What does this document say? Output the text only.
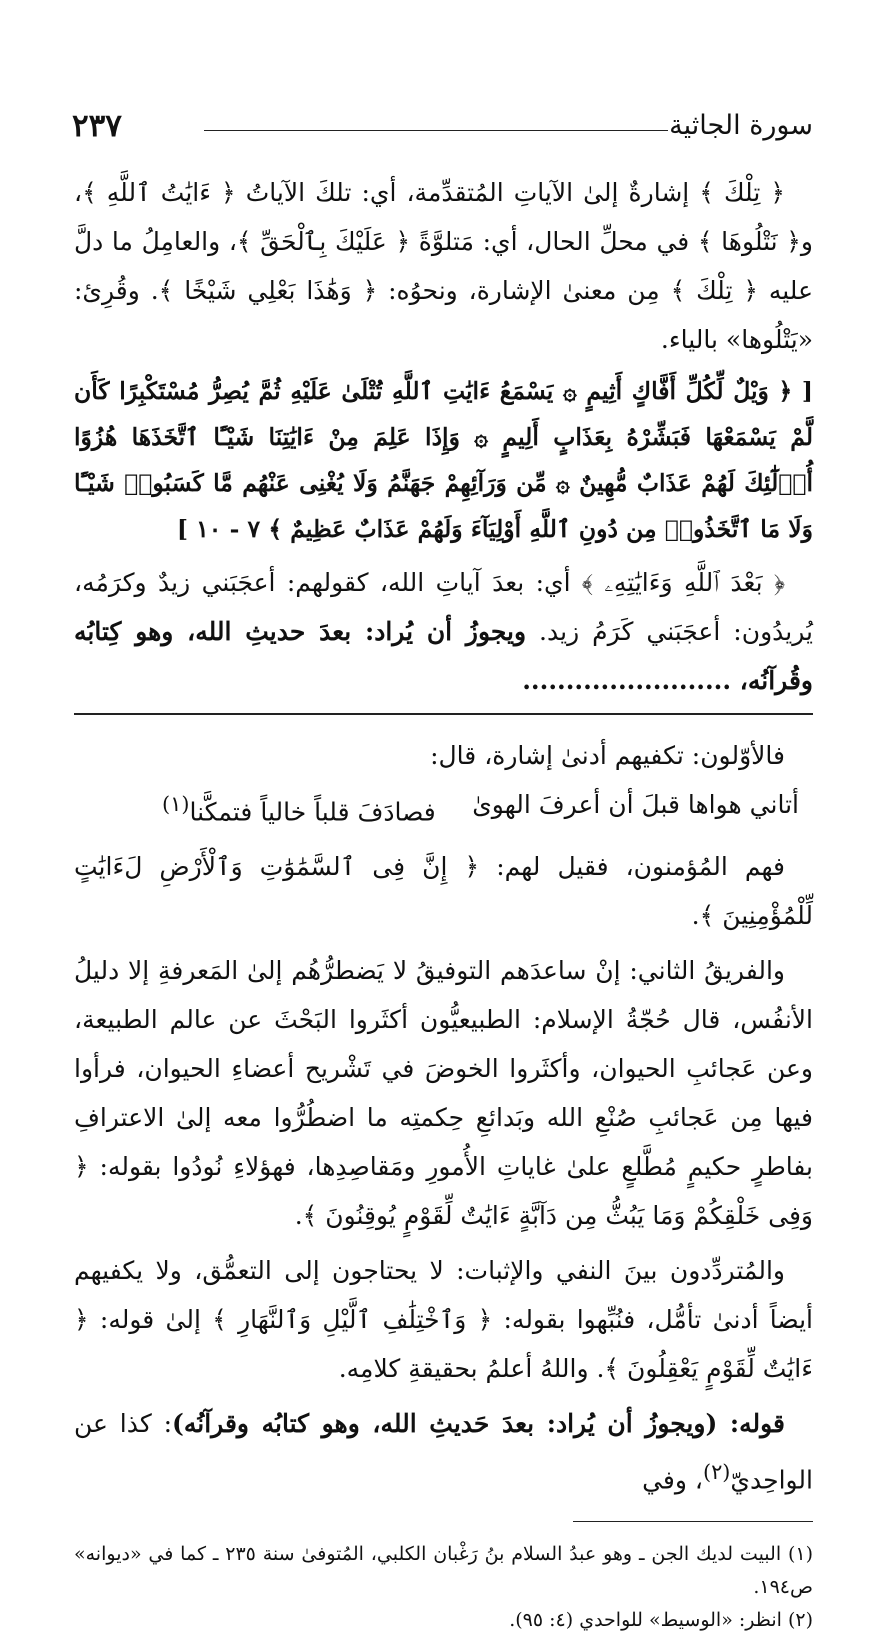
سورة الجاثية
٢٣٧

﴿ تِلْكَ ﴾ إشارةٌ إلىٰ الآياتِ المُتقدِّمة، أي: تلكَ الآياتُ ﴿ ءَايَٰتُ ٱللَّهِ ﴾، و﴿ نَتْلُوهَا ﴾ في محلِّ الحال، أي: مَتلوَّةً ﴿ عَلَيْكَ بِٱلْحَقِّ ﴾، والعامِلُ ما دلَّ عليه ﴿ تِلْكَ ﴾ مِن معنىٰ الإشارة، ونحوُه: ﴿ وَهَٰذَا بَعْلِي شَيْخًا ﴾. وقُرِئ: «يَتْلُوها» بالياء.

[ ﴿ وَيْلٌ لِّكُلِّ أَفَّاكٍ أَثِيمٍ ۞ يَسْمَعُ ءَايَٰتِ ٱللَّهِ تُتْلَىٰ عَلَيْهِ ثُمَّ يُصِرُّ مُسْتَكْبِرًا كَأَن لَّمْ يَسْمَعْهَا فَبَشِّرْهُ بِعَذَابٍ أَلِيمٍ ۞ وَإِذَا عَلِمَ مِنْ ءَايَٰتِنَا شَيْـًٔا ٱتَّخَذَهَا هُزُوًا أُو۟لَٰٓئِكَ لَهُمْ عَذَابٌ مُّهِينٌ ۞ مِّن وَرَآئِهِمْ جَهَنَّمُ وَلَا يُغْنِى عَنْهُم مَّا كَسَبُوا۟ شَيْـًٔا وَلَا مَا ٱتَّخَذُوا۟ مِن دُونِ ٱللَّهِ أَوْلِيَآءَ وَلَهُمْ عَذَابٌ عَظِيمٌ ﴾ ٧ - ١٠ ]

﴿ بَعْدَ ٱللَّهِ وَءَايَٰتِهِۦ ﴾ أي: بعدَ آياتِ الله، كقولهم: أعجَبَني زيدٌ وكرَمُه، يُريدُون: أعجَبَني كَرَمُ زيد. ويجوزُ أن يُراد: بعدَ حديثِ الله، وهو كِتابُه وقُرآنُه، ........................

فالأوّلون: تكفيهم أدنىٰ إشارة، قال:

أتاني هواها قبلَ أن أعرفَ الهوىٰ
فصادَفَ قلباً خالياً فتمكَّنا$^{(١)}$

فهم المُؤمنون، فقيل لهم: ﴿ إِنَّ فِى ٱلسَّمَٰوَٰتِ وَٱلْأَرْضِ لَءَايَٰتٍ لِّلْمُؤْمِنِينَ ﴾.

والفريقُ الثاني: إنْ ساعدَهم التوفيقُ لا يَضطرُّهُم إلىٰ المَعرفةِ إلا دليلُ الأنفُس، قال حُجّةُ الإسلام: الطبيعيُّون أكثَروا البَحْثَ عن عالم الطبيعة، وعن عَجائبِ الحيوان، وأكثَروا الخوضَ في تَشْريح أعضاءِ الحيوان، فرأوا فيها مِن عَجائبِ صُنْعِ الله وبَدائعِ حِكمتِه ما اضطُرُّوا معه إلىٰ الاعترافِ بفاطرٍ حكيمٍ مُطَّلعٍ علىٰ غاياتِ الأُمورِ ومَقاصِدِها، فهؤلاءِ نُودُوا بقوله: ﴿ وَفِى خَلْقِكُمْ وَمَا يَبُثُّ مِن دَآبَّةٍ ءَايَٰتٌ لِّقَوْمٍ يُوقِنُونَ ﴾.

والمُتردِّدون بينَ النفي والإثبات: لا يحتاجون إلى التعمُّق، ولا يكفيهم أيضاً أدنىٰ تأمُّل، فنُبِّهوا بقوله: ﴿ وَٱخْتِلَٰفِ ٱلَّيْلِ وَٱلنَّهَارِ ﴾ إلىٰ قوله: ﴿ ءَايَٰتٌ لِّقَوْمٍ يَعْقِلُونَ ﴾. واللهُ أعلمُ بحقيقةِ كلامِه.

قوله: (ويجوزُ أن يُراد: بعدَ حَديثِ الله، وهو كتابُه وقرآنُه): كذا عن الواحِديّ$^{(٢)}$، وفي

(١) البيت لديك الجن ـ وهو عبدُ السلام بنُ رَغْبان الكلبي، المُتوفىٰ سنة ٢٣٥ ـ كما في «ديوانه» ص١٩٤.

(٢) انظر: «الوسيط» للواحدي (٤: ٩٥).
